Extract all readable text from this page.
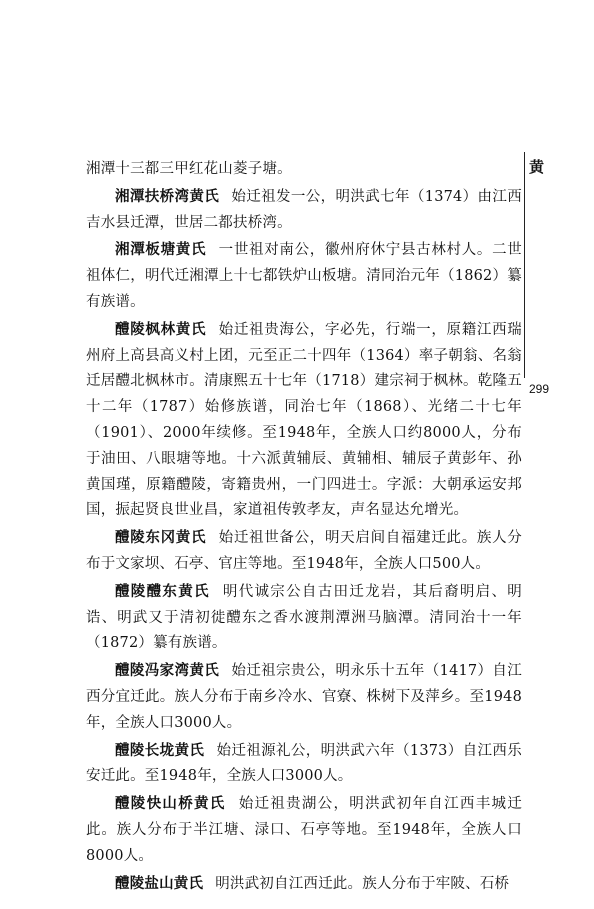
黄
299

湘潭十三都三甲红花山菱子塘。

湘潭扶桥湾黄氏 始迁祖发一公，明洪武七年（1374）由江西吉水县迁潭，世居二都扶桥湾。

湘潭板塘黄氏 一世祖对南公，徽州府休宁县古林村人。二世祖体仁，明代迁湘潭上十七都铁炉山板塘。清同治元年（1862）纂有族谱。

醴陵枫林黄氏 始迁祖贵海公，字必先，行端一，原籍江西瑞州府上高县高义村上团，元至正二十四年（1364）率子朝翁、名翁迁居醴北枫林市。清康熙五十七年（1718）建宗祠于枫林。乾隆五十二年（1787）始修族谱，同治七年（1868）、光绪二十七年（1901）、2000年续修。至1948年，全族人口约8000人，分布于油田、八眼塘等地。十六派黄辅辰、黄辅相、辅辰子黄彭年、孙黄国瑾，原籍醴陵，寄籍贵州，一门四进士。字派：大朝承运安邦国，振起贤良世业昌，家道祖传敦孝友，声名显达允增光。

醴陵东冈黄氏 始迁祖世备公，明天启间自福建迁此。族人分布于文家坝、石亭、官庄等地。至1948年，全族人口500人。

醴陵醴东黄氏 明代诚宗公自古田迁龙岩，其后裔明启、明诰、明武又于清初徙醴东之香水渡荆潭洲马脑潭。清同治十一年（1872）纂有族谱。

醴陵冯家湾黄氏 始迁祖宗贵公，明永乐十五年（1417）自江西分宜迁此。族人分布于南乡冷水、官寮、株树下及萍乡。至1948年，全族人口3000人。

醴陵长垅黄氏 始迁祖源礼公，明洪武六年（1373）自江西乐安迁此。至1948年，全族人口3000人。

醴陵快山桥黄氏 始迁祖贵湖公，明洪武初年自江西丰城迁此。族人分布于半江塘、渌口、石亭等地。至1948年，全族人口8000人。

醴陵盐山黄氏 明洪武初自江西迁此。族人分布于牢陂、石桥
